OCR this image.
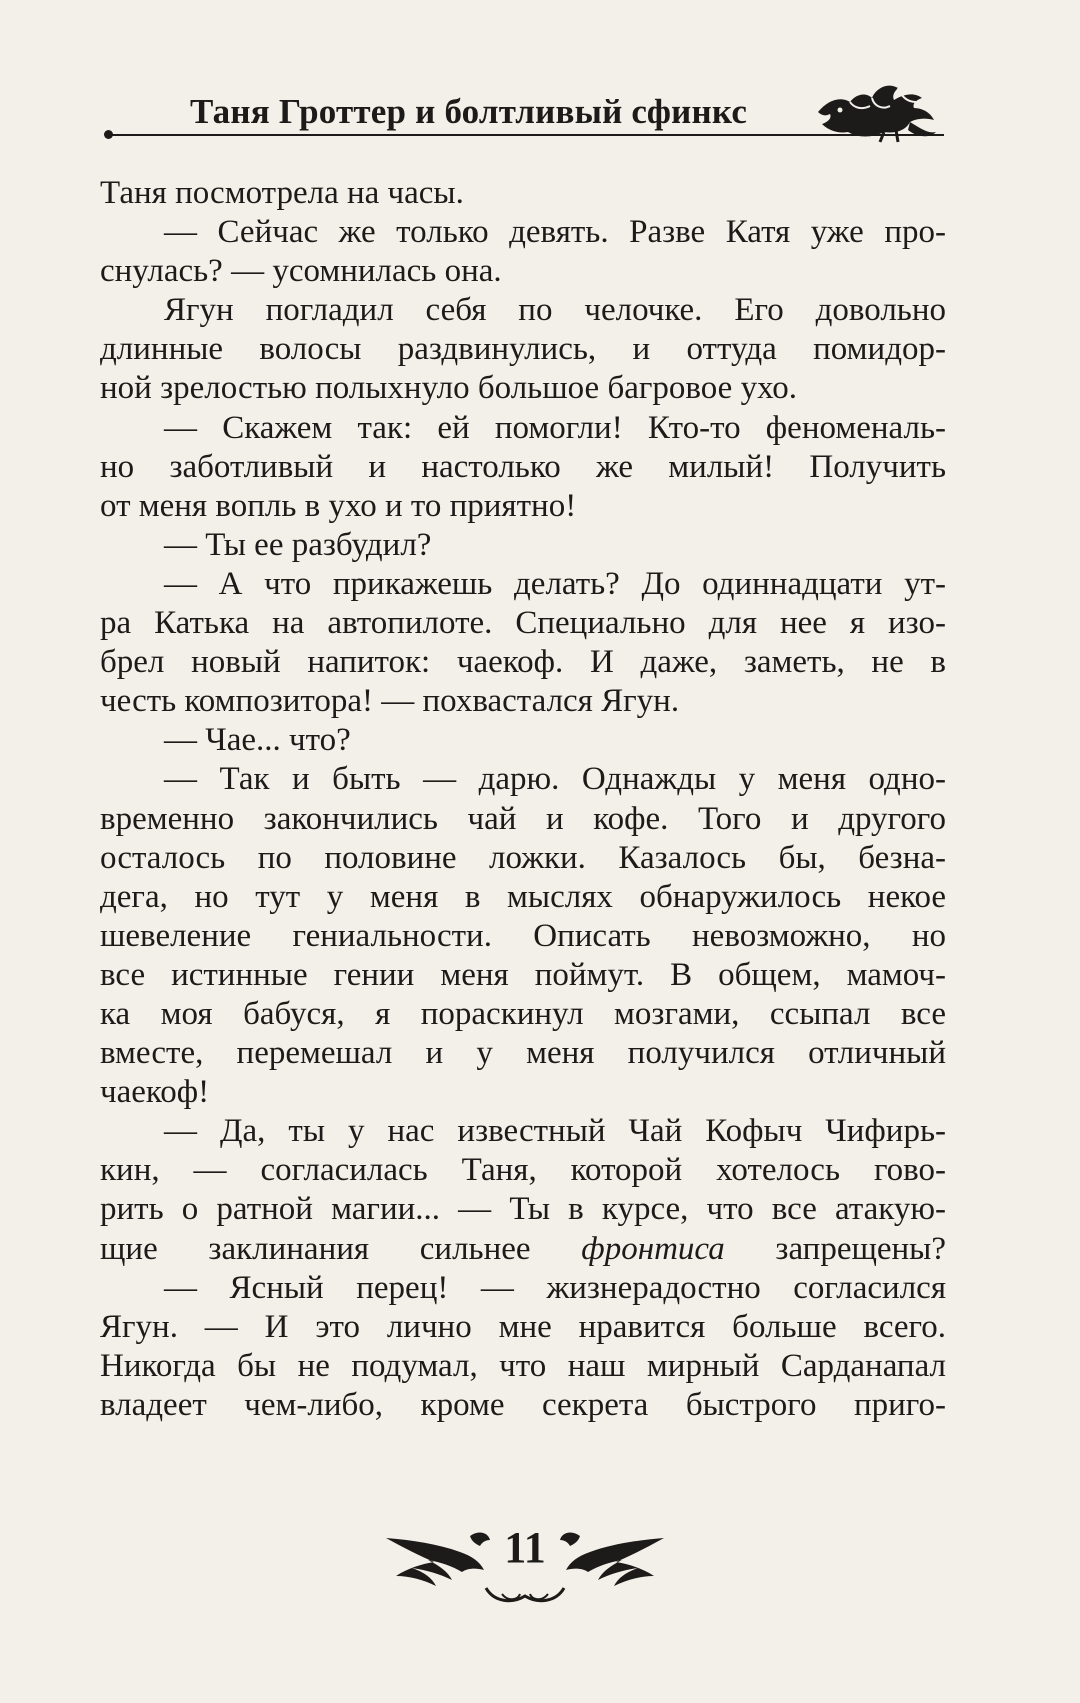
Таня Гроттер и болтливый сфинкс
Таня посмотрела на часы.
— Сейчас же только девять. Разве Катя уже про-
снулась? — усомнилась она.
Ягун погладил себя по челочке. Его довольно
длинные волосы раздвинулись, и оттуда помидор-
ной зрелостью полыхнуло большое багровое ухо.
— Скажем так: ей помогли! Кто-то феноменаль-
но заботливый и настолько же милый! Получить
от меня вопль в ухо и то приятно!
— Ты ее разбудил?
— А что прикажешь делать? До одиннадцати ут-
ра Катька на автопилоте. Специально для нее я изо-
брел новый напиток: чаекоф. И даже, заметь, не в
честь композитора! — похвастался Ягун.
— Чае... что?
— Так и быть — дарю. Однажды у меня одно-
временно закончились чай и кофе. Того и другого
осталось по половине ложки. Казалось бы, безна-
дега, но тут у меня в мыслях обнаружилось некое
шевеление гениальности. Описать невозможно, но
все истинные гении меня поймут. В общем, мамоч-
ка моя бабуся, я пораскинул мозгами, ссыпал все
вместе, перемешал и у меня получился отличный
чаекоф!
— Да, ты у нас известный Чай Кофыч Чифирь-
кин, — согласилась Таня, которой хотелось гово-
рить о ратной магии... — Ты в курсе, что все атакую-
щие заклинания сильнее фронтиса запрещены?
— Ясный перец! — жизнерадостно согласился
Ягун. — И это лично мне нравится больше всего.
Никогда бы не подумал, что наш мирный Сарданапал
владеет чем-либо, кроме секрета быстрого приго-
11
